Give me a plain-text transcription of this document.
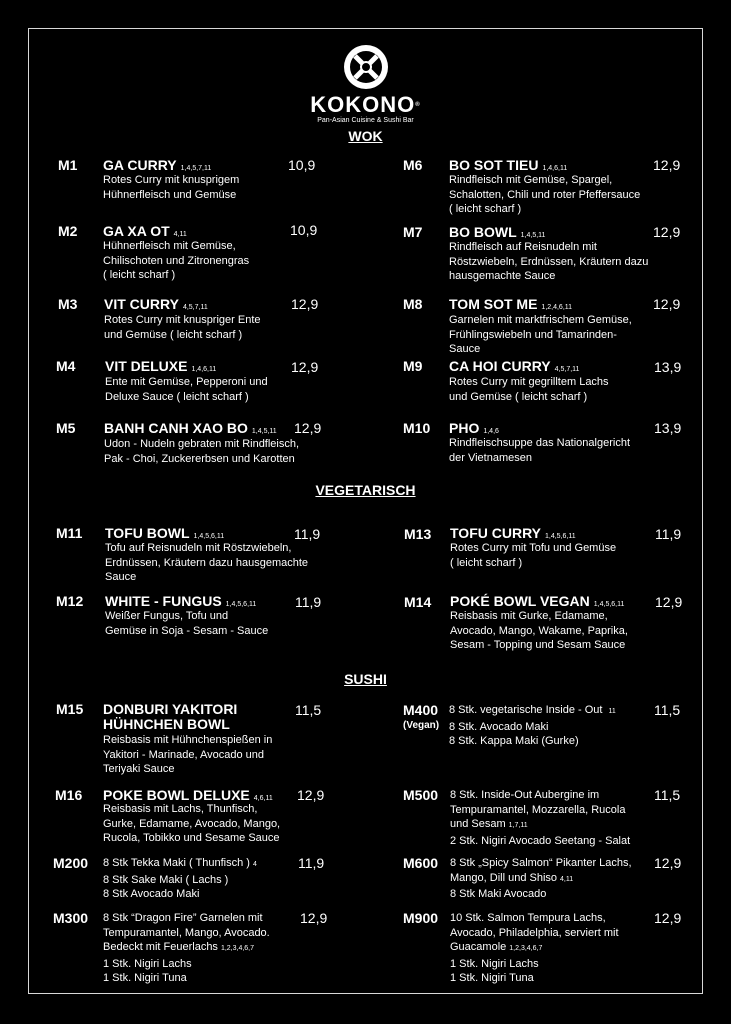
KOKONO®
Pan-Asian Cuisine & Sushi Bar
WOK
VEGETARISCH
SUSHI
M1 GA CURRY 1,4,5,7,11	10,9
Rotes Curry mit knusprigem
Hühnerfleisch und Gemüse
M2 GA XA OT 4,11	10,9
Hühnerfleisch mit Gemüse,
Chilischoten und Zitronengras
( leicht scharf )
M3 VIT CURRY 4,5,7,11	12,9
Rotes Curry mit knuspriger Ente
und Gemüse ( leicht scharf )
M4 VIT DELUXE 1,4,6,11	12,9
Ente mit Gemüse, Pepperoni und
Deluxe Sauce ( leicht scharf )
M5 BANH CANH XAO BO 1,4,5,11 12,9
Udon - Nudeln gebraten mit Rindfleisch,
Pak - Choi, Zuckererbsen und Karotten
M6 BO SOT TIEU 1,4,6,11	12,9
Rindfleisch mit Gemüse, Spargel,
Schalotten, Chili und roter Pfeffersauce
( leicht scharf )
M7 BO BOWL 1,4,5,11	12,9
Rindfleisch auf Reisnudeln mit
Röstzwiebeln, Erdnüssen, Kräutern dazu
hausgemachte Sauce
M8 TOM SOT ME 1,2,4,6,11	12,9
Garnelen mit marktfrischem Gemüse,
Frühlingswiebeln und Tamarinden-
Sauce
M9 CA HOI CURRY 4,5,7,11	13,9
Rotes Curry mit gegrilltem Lachs
und Gemüse ( leicht scharf )
M10 PHO 1,4,6	13,9
Rindfleischsuppe das Nationalgericht
der Vietnamesen
M11 TOFU BOWL 1,4,5,6,11	11,9
Tofu auf Reisnudeln mit Röstzwiebeln,
Erdnüssen, Kräutern dazu hausgemachte
Sauce
M12 WHITE - FUNGUS 1,4,5,6,11	11,9
Weißer Fungus, Tofu und
Gemüse in Soja - Sesam - Sauce
M13 TOFU CURRY 1,4,5,6,11	11,9
Rotes Curry mit Tofu und Gemüse
( leicht scharf )
M14 POKÉ BOWL VEGAN 1,4,5,6,11 12,9
Reisbasis mit Gurke, Edamame,
Avocado, Mango, Wakame, Paprika,
Sesam - Topping und Sesam Sauce
M15 DONBURI YAKITORI
HÜHNCHEN BOWL
11,5
Reisbasis mit Hühnchenspießen in
Yakitori - Marinade, Avocado und
Teriyaki Sauce
M16 POKE BOWL DELUXE 4,6,11 12,9
Reisbasis mit Lachs, Thunfisch,
Gurke, Edamame, Avocado, Mango,
Rucola, Tobikko und Sesame Sauce
M200	11,9
8 Stk Tekka Maki ( Thunfisch ) 4
8 Stk Sake Maki ( Lachs )
8 Stk Avocado Maki
M300	12,9
8 Stk “Dragon Fire” Garnelen mit
Tempuramantel, Mango, Avocado.
Bedeckt mit Feuerlachs 1,2,3,4,6,7
1 Stk. Nigiri Lachs
1 Stk. Nigiri Tuna
M400
(Vegan)
11,5
8 Stk. vegetarische Inside - Out 11
8 Stk. Avocado Maki
8 Stk. Kappa Maki (Gurke)
M500	11,5
8 Stk. Inside-Out Aubergine im
Tempuramantel, Mozzarella, Rucola
und Sesam 1,7,11
2 Stk. Nigiri Avocado Seetang - Salat
M600	12,9
8 Stk „Spicy Salmon“ Pikanter Lachs,
Mango, Dill und Shiso 4,11
8 Stk Maki Avocado
M900	12,9
10 Stk. Salmon Tempura Lachs,
Avocado, Philadelphia, serviert mit
Guacamole 1,2,3,4,6,7
1 Stk. Nigiri Lachs
1 Stk. Nigiri Tuna
